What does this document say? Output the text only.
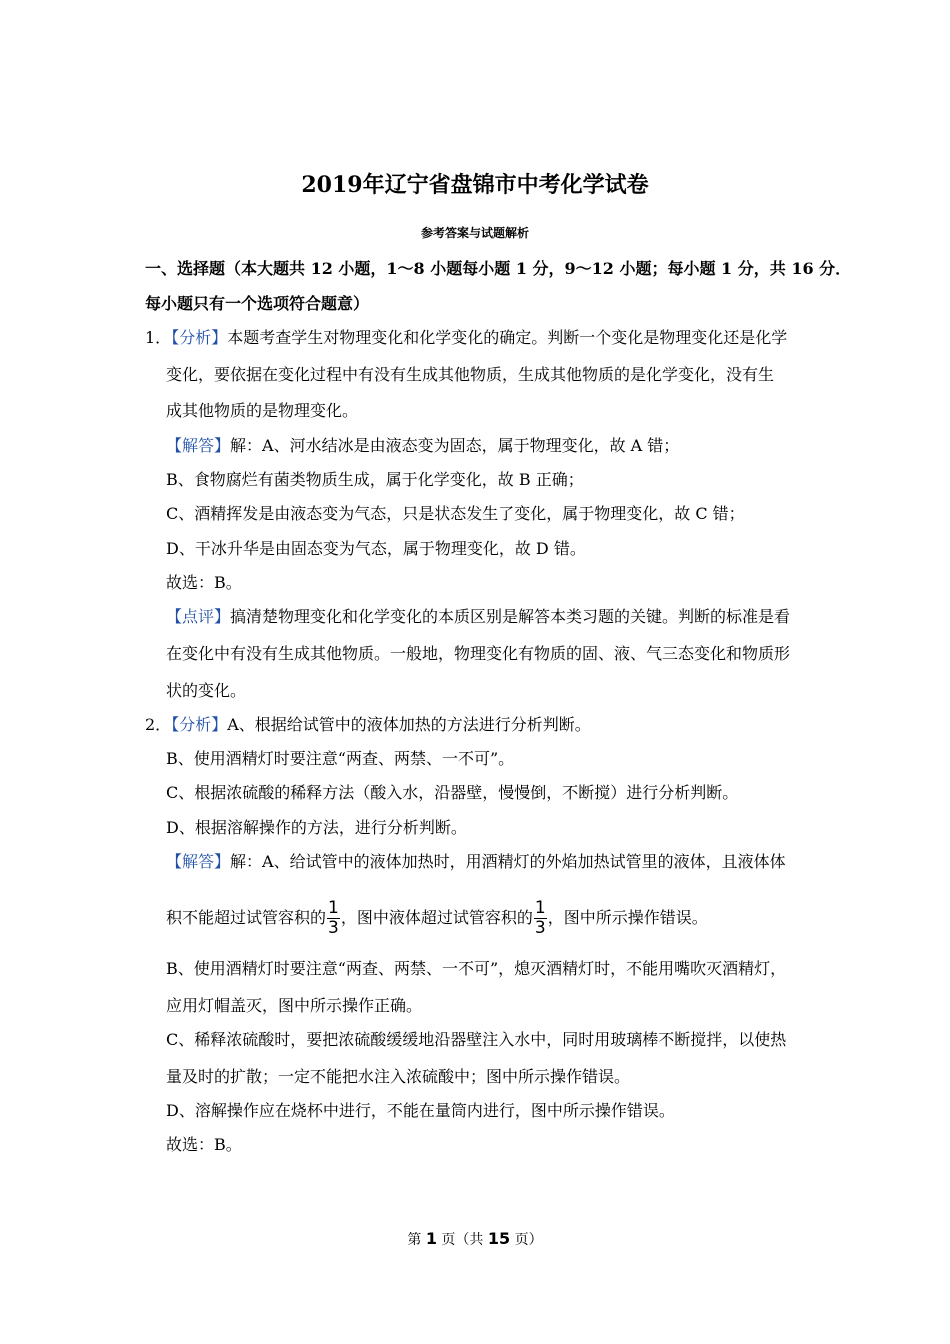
2019年辽宁省盘锦市中考化学试卷
参考答案与试题解析
一、选择题（本大题共 12 小题，1～8 小题每小题 1 分，9～12 小题；每小题 1 分，共 16 分．
每小题只有一个选项符合题意）
1．【分析】本题考查学生对物理变化和化学变化的确定。判断一个变化是物理变化还是化学
变化，要依据在变化过程中有没有生成其他物质，生成其他物质的是化学变化，没有生
成其他物质的是物理变化。
【解答】解：A、河水结冰是由液态变为固态，属于物理变化，故 A 错；
B、食物腐烂有菌类物质生成，属于化学变化，故 B 正确；
C、酒精挥发是由液态变为气态，只是状态发生了变化，属于物理变化，故 C 错；
D、干冰升华是由固态变为气态，属于物理变化，故 D 错。
故选：B。
【点评】搞清楚物理变化和化学变化的本质区别是解答本类习题的关键。判断的标准是看
在变化中有没有生成其他物质。一般地，物理变化有物质的固、液、气三态变化和物质形
状的变化。
2．【分析】A、根据给试管中的液体加热的方法进行分析判断。
B、使用酒精灯时要注意“两查、两禁、一不可”。
C、根据浓硫酸的稀释方法（酸入水，沿器壁，慢慢倒，不断搅）进行分析判断。
D、根据溶解操作的方法，进行分析判断。
【解答】解：A、给试管中的液体加热时，用酒精灯的外焰加热试管里的液体，且液体体
积不能超过试管容积的 $\frac{1}{3}$ ，图中液体超过试管容积的 $\frac{1}{3}$ ，图中所示操作错误。
B、使用酒精灯时要注意“两查、两禁、一不可”，熄灭酒精灯时，不能用嘴吹灭酒精灯，
应用灯帽盖灭，图中所示操作正确。
C、稀释浓硫酸时，要把浓硫酸缓缓地沿器壁注入水中，同时用玻璃棒不断搅拌，以使热
量及时的扩散；一定不能把水注入浓硫酸中；图中所示操作错误。
D、溶解操作应在烧杯中进行，不能在量筒内进行，图中所示操作错误。
故选：B。
第 1 页（共 15 页）
